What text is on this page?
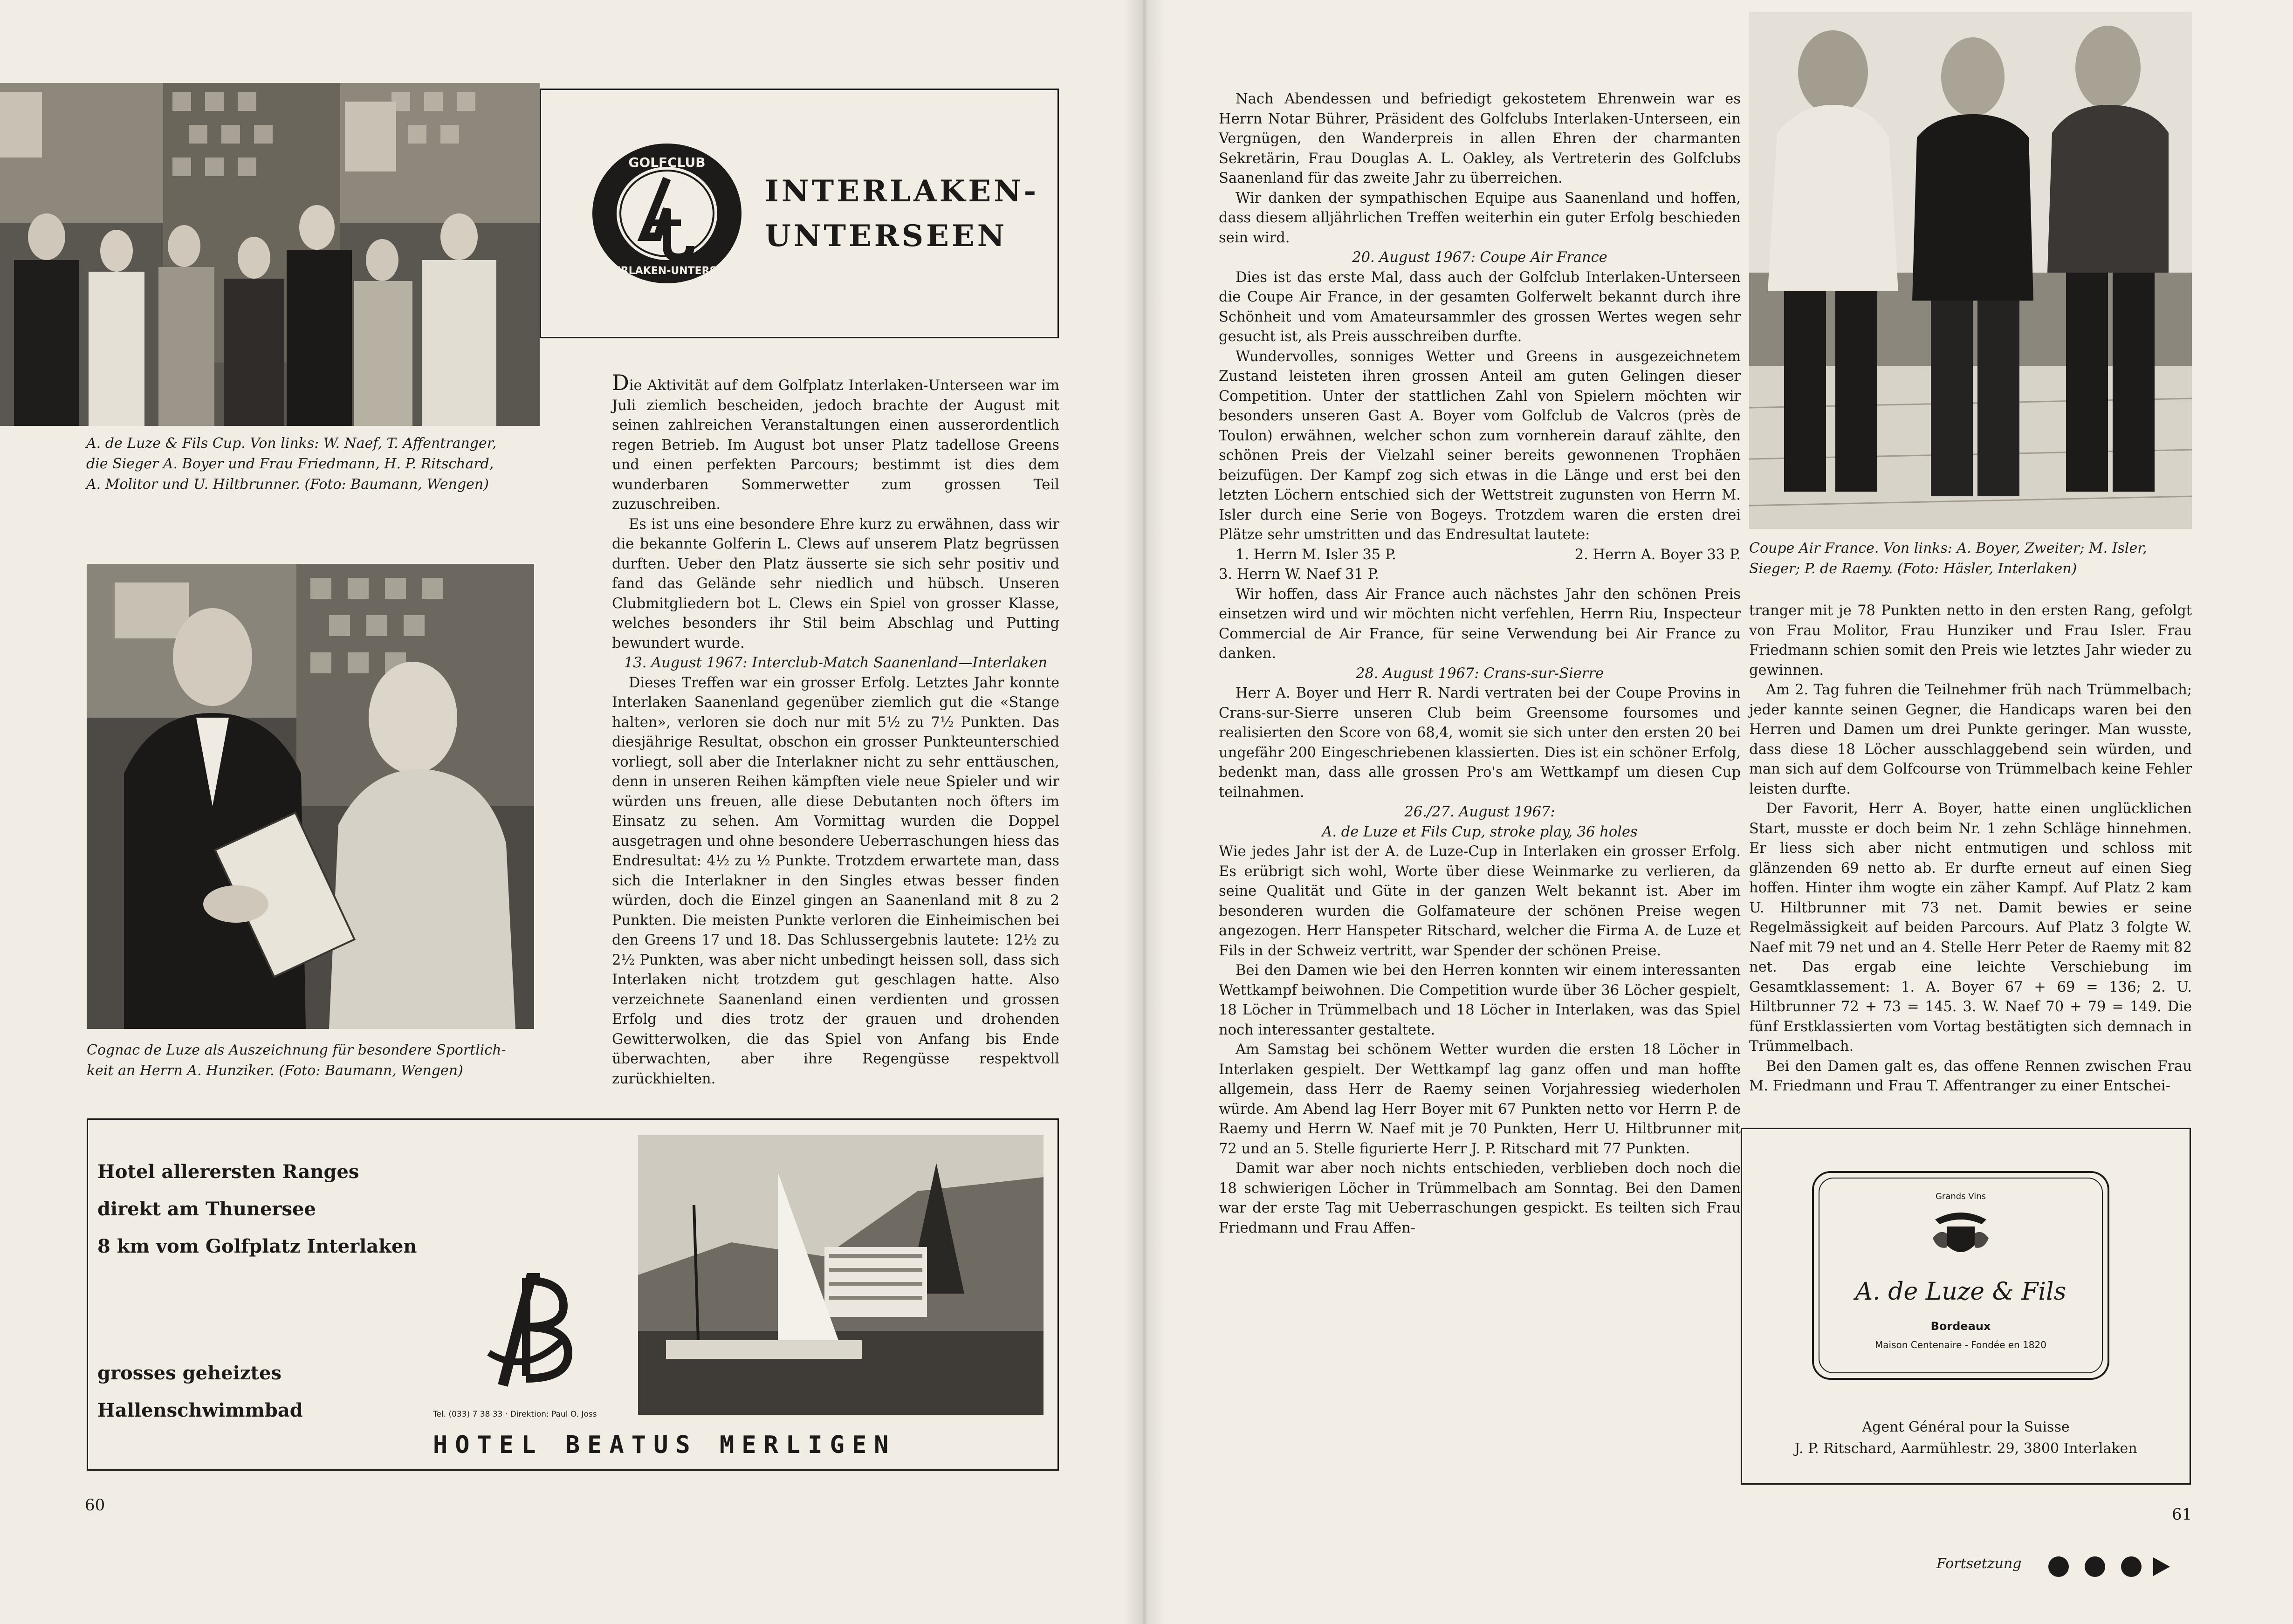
A. de Luze & Fils Cup. Von links: W. Naef, T. Affentranger,
die Sieger A. Boyer und Frau Friedmann, H. P. Ritschard,
A. Molitor und U. Hiltbrunner. (Foto: Baumann, Wengen)
GOLFCLUB
INTERLAKEN-UNTERSEEN
INTERLAKEN-
UNTERSEEN
Cognac de Luze als Auszeichnung für besondere Sportlich-
keit an Herrn A. Hunziker. (Foto: Baumann, Wengen)

Die Aktivität auf dem Golfplatz Interlaken-Unterseen war im Juli ziemlich bescheiden, jedoch brachte der August mit seinen zahlreichen Veranstaltungen einen ausserordentlich regen Betrieb. Im August bot unser Platz tadellose Greens und einen perfekten Parcours; bestimmt ist dies dem wunderbaren Sommerwetter zum grossen Teil zuzuschreiben.

Es ist uns eine besondere Ehre kurz zu erwähnen, dass wir die bekannte Golferin L. Clews auf unserem Platz begrüssen durften. Ueber den Platz äusserte sie sich sehr positiv und fand das Gelände sehr niedlich und hübsch. Unseren Clubmitgliedern bot L. Clews ein Spiel von grosser Klasse, welches besonders ihr Stil beim Abschlag und Putting bewundert wurde.

13. August 1967: Interclub-Match Saanenland—Interlaken

Dieses Treffen war ein grosser Erfolg. Letztes Jahr konnte Interlaken Saanenland gegenüber ziemlich gut die «Stange halten», verloren sie doch nur mit 5½ zu 7½ Punkten. Das diesjährige Resultat, obschon ein grosser Punkteunterschied vorliegt, soll aber die Interlakner nicht zu sehr enttäuschen, denn in unseren Reihen kämpften viele neue Spieler und wir würden uns freuen, alle diese Debutanten noch öfters im Einsatz zu sehen. Am Vormittag wurden die Doppel ausgetragen und ohne besondere Ueberraschungen hiess das Endresultat: 4½ zu ½ Punkte. Trotzdem erwartete man, dass sich die Interlakner in den Singles etwas besser finden würden, doch die Einzel gingen an Saanenland mit 8 zu 2 Punkten. Die meisten Punkte verloren die Einheimischen bei den Greens 17 und 18. Das Schlussergebnis lautete: 12½ zu 2½ Punkten, was aber nicht unbedingt heissen soll, dass sich Interlaken nicht trotzdem gut geschlagen hatte. Also verzeichnete Saanenland einen verdienten und grossen Erfolg und dies trotz der grauen und drohenden Gewitterwolken, die das Spiel von Anfang bis Ende überwachten, aber ihre Regengüsse respektvoll zurückhielten.

Hotel allerersten Ranges
direkt am Thunersee
8 km vom Golfplatz Interlaken
grosses geheiztes
Hallenschwimmbad	Tel. (033) 7 38 33 · Direktion: Paul O. Joss
HOTEL BEATUS MERLIGEN
60

Nach Abendessen und befriedigt gekostetem Ehrenwein war es Herrn Notar Bührer, Präsident des Golfclubs Interlaken-Unterseen, ein Vergnügen, den Wanderpreis in allen Ehren der charmanten Sekretärin, Frau Douglas A. L. Oakley, als Vertreterin des Golfclubs Saanenland für das zweite Jahr zu überreichen.

Wir danken der sympathischen Equipe aus Saanenland und hoffen, dass diesem alljährlichen Treffen weiterhin ein guter Erfolg beschieden sein wird.

20. August 1967: Coupe Air France

Dies ist das erste Mal, dass auch der Golfclub Interlaken-Unterseen die Coupe Air France, in der gesamten Golferwelt bekannt durch ihre Schönheit und vom Amateursammler des grossen Wertes wegen sehr gesucht ist, als Preis ausschreiben durfte.

Wundervolles, sonniges Wetter und Greens in ausgezeichnetem Zustand leisteten ihren grossen Anteil am guten Gelingen dieser Competition. Unter der stattlichen Zahl von Spielern möchten wir besonders unseren Gast A. Boyer vom Golfclub de Valcros (près de Toulon) erwähnen, welcher schon zum vornherein darauf zählte, den schönen Preis der Vielzahl seiner bereits gewonnenen Trophäen beizufügen. Der Kampf zog sich etwas in die Länge und erst bei den letzten Löchern entschied sich der Wettstreit zugunsten von Herrn M. Isler durch eine Serie von Bogeys. Trotzdem waren die ersten drei Plätze sehr umstritten und das Endresultat lautete:

1. Herrn M. Isler 35 P.	2. Herrn A. Boyer 33 P.

3. Herrn W. Naef 31 P.

Wir hoffen, dass Air France auch nächstes Jahr den schönen Preis einsetzen wird und wir möchten nicht verfehlen, Herrn Riu, Inspecteur Commercial de Air France, für seine Verwendung bei Air France zu danken.

28. August 1967: Crans-sur-Sierre

Herr A. Boyer und Herr R. Nardi vertraten bei der Coupe Provins in Crans-sur-Sierre unseren Club beim Greensome foursomes und realisierten den Score von 68,4, womit sie sich unter den ersten 20 bei ungefähr 200 Eingeschriebenen klassierten. Dies ist ein schöner Erfolg, bedenkt man, dass alle grossen Pro's am Wettkampf um diesen Cup teilnahmen.

26./27. August 1967:

A. de Luze et Fils Cup, stroke play, 36 holes

Wie jedes Jahr ist der A. de Luze-Cup in Interlaken ein grosser Erfolg. Es erübrigt sich wohl, Worte über diese Weinmarke zu verlieren, da seine Qualität und Güte in der ganzen Welt bekannt ist. Aber im besonderen wurden die Golfamateure der schönen Preise wegen angezogen. Herr Hanspeter Ritschard, welcher die Firma A. de Luze et Fils in der Schweiz vertritt, war Spender der schönen Preise.

Bei den Damen wie bei den Herren konnten wir einem interessanten Wettkampf beiwohnen. Die Competition wurde über 36 Löcher gespielt, 18 Löcher in Trümmelbach und 18 Löcher in Interlaken, was das Spiel noch interessanter gestaltete.

Am Samstag bei schönem Wetter wurden die ersten 18 Löcher in Interlaken gespielt. Der Wettkampf lag ganz offen und man hoffte allgemein, dass Herr de Raemy seinen Vorjahressieg wiederholen würde. Am Abend lag Herr Boyer mit 67 Punkten netto vor Herrn P. de Raemy und Herrn W. Naef mit je 70 Punkten, Herr U. Hiltbrunner mit 72 und an 5. Stelle figurierte Herr J. P. Ritschard mit 77 Punkten.

Damit war aber noch nichts entschieden, verblieben doch noch die 18 schwierigen Löcher in Trümmelbach am Sonntag. Bei den Damen war der erste Tag mit Ueberraschungen gespickt. Es teilten sich Frau Friedmann und Frau Affen-

Coupe Air France. Von links: A. Boyer, Zweiter; M. Isler,
Sieger; P. de Raemy. (Foto: Häsler, Interlaken)

tranger mit je 78 Punkten netto in den ersten Rang, gefolgt von Frau Molitor, Frau Hunziker und Frau Isler. Frau Friedmann schien somit den Preis wie letztes Jahr wieder zu gewinnen.

Am 2. Tag fuhren die Teilnehmer früh nach Trümmelbach; jeder kannte seinen Gegner, die Handicaps waren bei den Herren und Damen um drei Punkte geringer. Man wusste, dass diese 18 Löcher ausschlaggebend sein würden, und man sich auf dem Golfcourse von Trümmelbach keine Fehler leisten durfte.

Der Favorit, Herr A. Boyer, hatte einen unglücklichen Start, musste er doch beim Nr. 1 zehn Schläge hinnehmen. Er liess sich aber nicht entmutigen und schloss mit glänzenden 69 netto ab. Er durfte erneut auf einen Sieg hoffen. Hinter ihm wogte ein zäher Kampf. Auf Platz 2 kam U. Hiltbrunner mit 73 net. Damit bewies er seine Regelmässigkeit auf beiden Parcours. Auf Platz 3 folgte W. Naef mit 79 net und an 4. Stelle Herr Peter de Raemy mit 82 net. Das ergab eine leichte Verschiebung im Gesamtklassement: 1. A. Boyer 67 + 69 = 136; 2. U. Hiltbrunner 72 + 73 = 145. 3. W. Naef 70 + 79 = 149. Die fünf Erstklassierten vom Vortag bestätigten sich demnach in Trümmelbach.

Bei den Damen galt es, das offene Rennen zwischen Frau M. Friedmann und Frau T. Affentranger zu einer Entschei-

Grands Vins
A. de Luze & Fils
Bordeaux
Maison Centenaire - Fondée en 1820
Agent Général pour la Suisse
J. P. Ritschard, Aarmühlestr. 29, 3800 Interlaken
61
Fortsetzung
